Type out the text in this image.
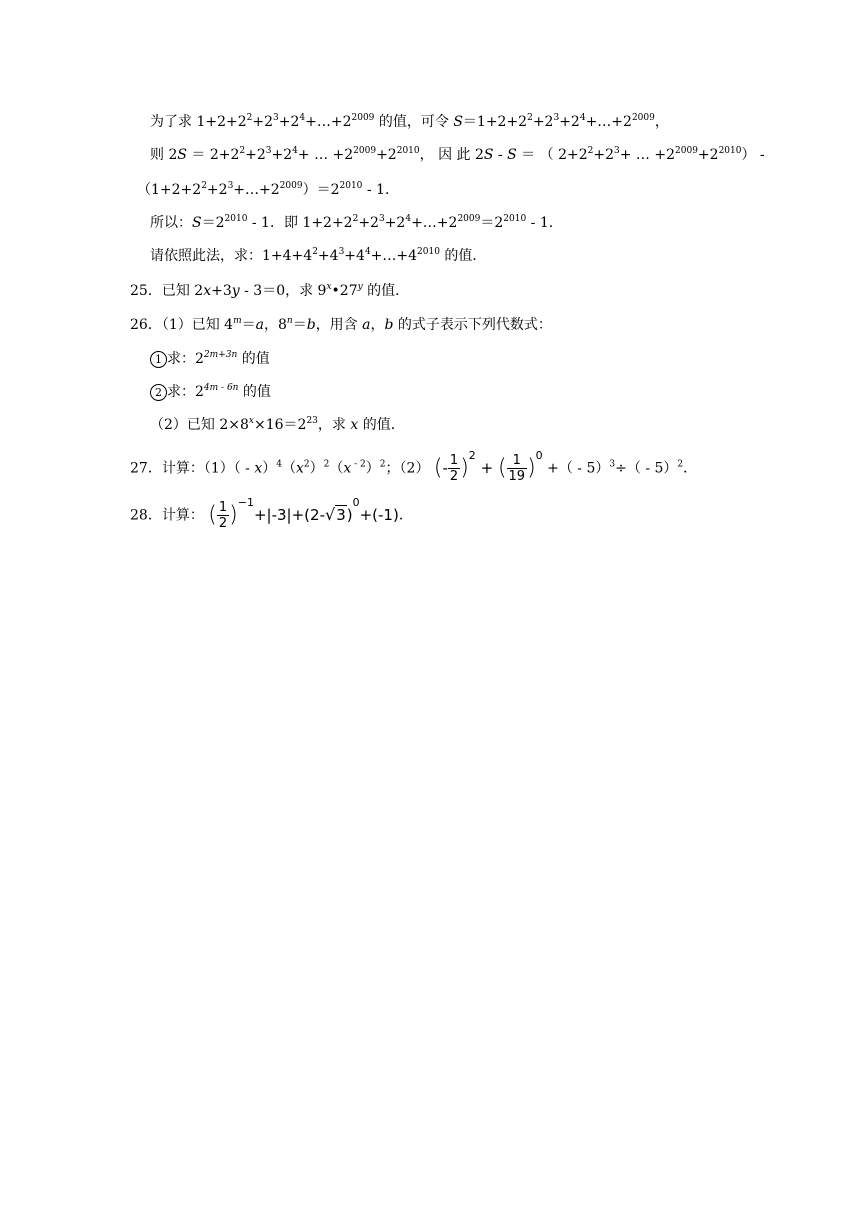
为了求 $1+2+2^2+2^3+2^4+\dots+2^{2009}$ 的值，可令 $S=1+2+2^2+2^3+2^4+\dots+2^{2009}$，
则 $2S = 2+2^2+2^3+2^4+$ … $+2^{2009}+2^{2010}$， 因 此 2S ‐ S ＝ （ $2+2^2+2^3+$ … $+2^{2009}+2^{2010}$） ‐
$(1+2+2^2+2^3+\dots+2^{2009})=2^{2010}$ ‐ 1．
所以：$S=2^{2010}$ ‐ 1．即 $1+2+2^2+2^3+2^4+\dots+2^{2009}=2^{2010}$ ‐ 1．
请依照此法，求：$1+4+4^2+4^3+4^4+\dots+4^{2010}$ 的值．
25．已知 2x+3y ‐ 3＝0，求 9$^x$•27$^y$ 的值．
26．（1）已知 $4^m=a$，$8^n=b$，用含 a，b 的式子表示下列代数式：
1 求：$2^{2m+3n}$ 的值
2 求：$2^{4m ‐ 6n}$ 的值
（2）已知 $2\times 8^x\times 16=2^{23}$，求 x 的值．
27．计算：（1）（ ‐ $x)^4(x^2)^2(x$ $^{‐ 2}$）$^2$；（2） (- $\frac{1}{2} )^2$ + ( $\frac{1}{19} )^0$ +（ ‐ 5）$^3$÷（ ‐ 5）$^2$．
28．计算： ( $\frac{1}{2} )^{-1}+|-3|+(2-√3)^0+(-1)$．
